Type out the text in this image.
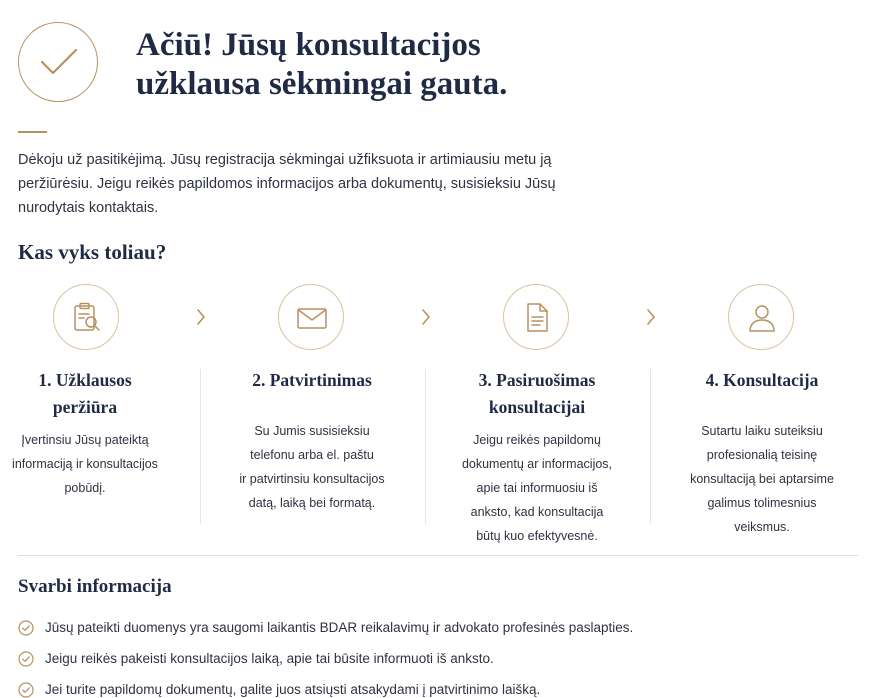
Ačiū! Jūsų konsultacijos
užklausa sėkmingai gauta.

Dėkoju už pasitikėjimą. Jūsų registracija sėkmingai užfiksuota ir artimiausiu metu ją
peržiūrėsiu. Jeigu reikės papildomos informacijos arba dokumentų, susisieksiu Jūsų
nurodytais kontaktais.

Kas vyks toliau?
1. Užklausos
peržiūra
Įvertinsiu Jūsų pateiktą
informaciją ir konsultacijos
pobūdį.
2. Patvirtinimas
Su Jumis susisieksiu
telefonu arba el. paštu
ir patvirtinsiu konsultacijos
datą, laiką bei formatą.
3. Pasiruošimas
konsultacijai
Jeigu reikės papildomų
dokumentų ar informacijos,
apie tai informuosiu iš
anksto, kad konsultacija
būtų kuo efektyvesnė.
4. Konsultacija
Sutartu laiku suteiksiu
profesionalią teisinę
konsultaciją bei aptarsime
galimus tolimesnius
veiksmus.
Svarbi informacija
Jūsų pateikti duomenys yra saugomi laikantis BDAR reikalavimų ir advokato profesinės paslapties.
Jeigu reikės pakeisti konsultacijos laiką, apie tai būsite informuoti iš anksto.
Jei turite papildomų dokumentų, galite juos atsiųsti atsakydami į patvirtinimo laišką.
